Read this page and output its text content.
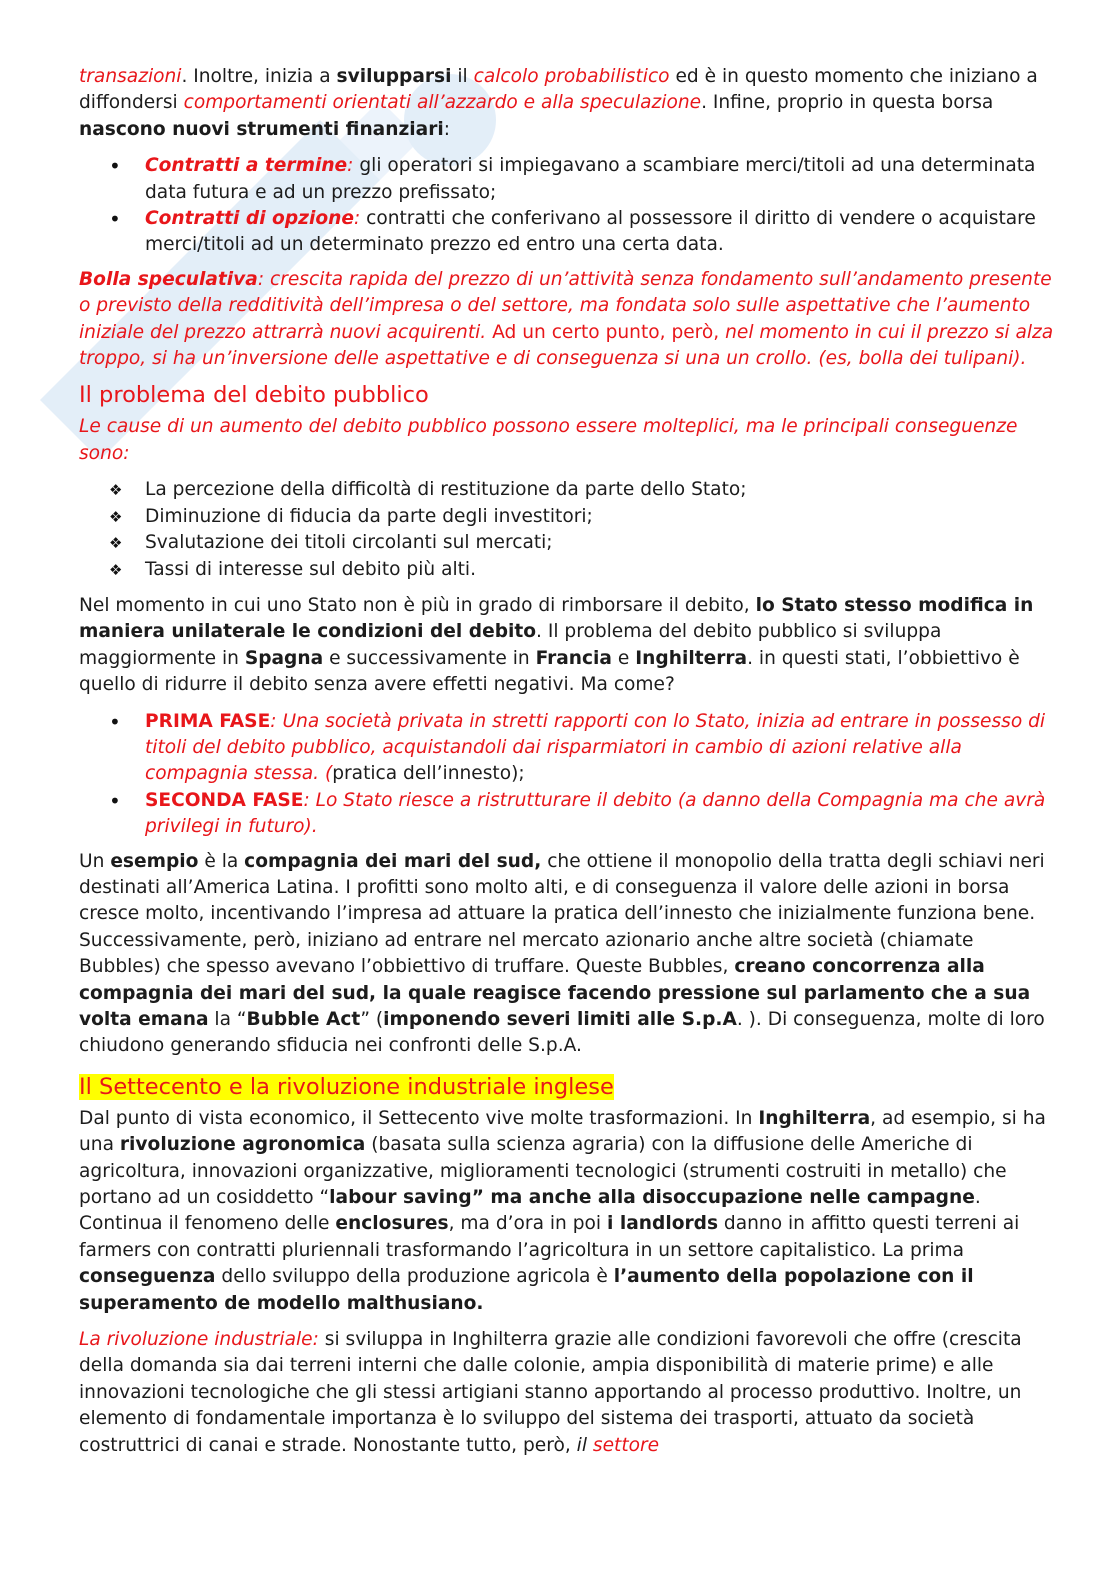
transazioni. Inoltre, inizia a svilupparsi il calcolo probabilistico ed è in questo momento che iniziano a diffondersi comportamenti orientati all’azzardo e alla speculazione. Infine, proprio in questa borsa nascono nuovi strumenti finanziari:

• Contratti a termine: gli operatori si impiegavano a scambiare merci/titoli ad una determinata data futura e ad un prezzo prefissato;
• Contratti di opzione: contratti che conferivano al possessore il diritto di vendere o acquistare merci/titoli ad un determinato prezzo ed entro una certa data.

Bolla speculativa: crescita rapida del prezzo di un’attività senza fondamento sull’andamento presente o previsto della redditività dell’impresa o del settore, ma fondata solo sulle aspettative che l’aumento iniziale del prezzo attrarrà nuovi acquirenti. Ad un certo punto, però, nel momento in cui il prezzo si alza troppo, si ha un’inversione delle aspettative e di conseguenza si una un crollo. (es, bolla dei tulipani).

Il problema del debito pubblico

Le cause di un aumento del debito pubblico possono essere molteplici, ma le principali conseguenze sono:

❖ La percezione della difficoltà di restituzione da parte dello Stato;
❖ Diminuzione di fiducia da parte degli investitori;
❖ Svalutazione dei titoli circolanti sul mercati;
❖ Tassi di interesse sul debito più alti.

Nel momento in cui uno Stato non è più in grado di rimborsare il debito, lo Stato stesso modifica in maniera unilaterale le condizioni del debito. Il problema del debito pubblico si sviluppa maggiormente in Spagna e successivamente in Francia e Inghilterra. in questi stati, l’obbiettivo è quello di ridurre il debito senza avere effetti negativi. Ma come?

• PRIMA FASE: Una società privata in stretti rapporti con lo Stato, inizia ad entrare in possesso di titoli del debito pubblico, acquistandoli dai risparmiatori in cambio di azioni relative alla compagnia stessa. (pratica dell’innesto);
• SECONDA FASE: Lo Stato riesce a ristrutturare il debito (a danno della Compagnia ma che avrà privilegi in futuro).

Un esempio è la compagnia dei mari del sud, che ottiene il monopolio della tratta degli schiavi neri destinati all’America Latina. I profitti sono molto alti, e di conseguenza il valore delle azioni in borsa cresce molto, incentivando l’impresa ad attuare la pratica dell’innesto che inizialmente funziona bene. Successivamente, però, iniziano ad entrare nel mercato azionario anche altre società (chiamate Bubbles) che spesso avevano l’obbiettivo di truffare. Queste Bubbles, creano concorrenza alla compagnia dei mari del sud, la quale reagisce facendo pressione sul parlamento che a sua volta emana la “Bubble Act” (imponendo severi limiti alle S.p.A. ). Di conseguenza, molte di loro chiudono generando sfiducia nei confronti delle S.p.A.

Il Settecento e la rivoluzione industriale inglese

Dal punto di vista economico, il Settecento vive molte trasformazioni. In Inghilterra, ad esempio, si ha una rivoluzione agronomica (basata sulla scienza agraria) con la diffusione delle Americhe di agricoltura, innovazioni organizzative, miglioramenti tecnologici (strumenti costruiti in metallo) che portano ad un cosiddetto “labour saving” ma anche alla disoccupazione nelle campagne. Continua il fenomeno delle enclosures, ma d’ora in poi i landlords danno in affitto questi terreni ai farmers con contratti pluriennali trasformando l’agricoltura in un settore capitalistico. La prima conseguenza dello sviluppo della produzione agricola è l’aumento della popolazione con il superamento de modello malthusiano.

La rivoluzione industriale: si sviluppa in Inghilterra grazie alle condizioni favorevoli che offre (crescita della domanda sia dai terreni interni che dalle colonie, ampia disponibilità di materie prime) e alle innovazioni tecnologiche che gli stessi artigiani stanno apportando al processo produttivo. Inoltre, un elemento di fondamentale importanza è lo sviluppo del sistema dei trasporti, attuato da società costruttrici di canai e strade. Nonostante tutto, però, il settore
